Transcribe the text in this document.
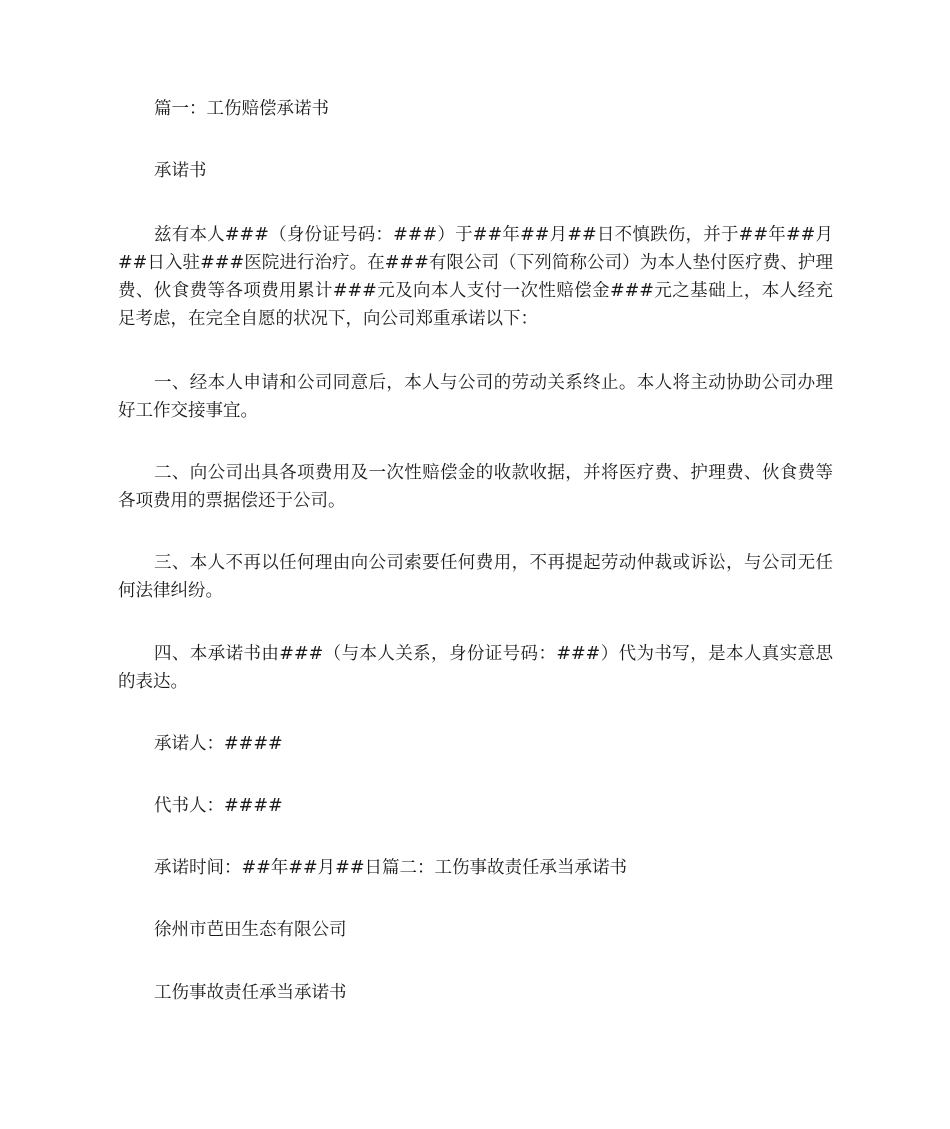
篇一：工伤赔偿承诺书

承诺书

兹有本人###（身份证号码：###）于##年##月##日不慎跌伤，并于##年##月##日入驻###医院进行治疗。在###有限公司（下列简称公司）为本人垫付医疗费、护理费、伙食费等各项费用累计###元及向本人支付一次性赔偿金###元之基础上，本人经充足考虑，在完全自愿的状况下，向公司郑重承诺以下：

一、经本人申请和公司同意后，本人与公司的劳动关系终止。本人将主动协助公司办理好工作交接事宜。

二、向公司出具各项费用及一次性赔偿金的收款收据，并将医疗费、护理费、伙食费等各项费用的票据偿还于公司。

三、本人不再以任何理由向公司索要任何费用，不再提起劳动仲裁或诉讼，与公司无任何法律纠纷。

四、本承诺书由###（与本人关系，身份证号码：###）代为书写，是本人真实意思的表达。

承诺人：####

代书人：####

承诺时间：##年##月##日篇二：工伤事故责任承当承诺书

徐州市芭田生态有限公司

工伤事故责任承当承诺书
